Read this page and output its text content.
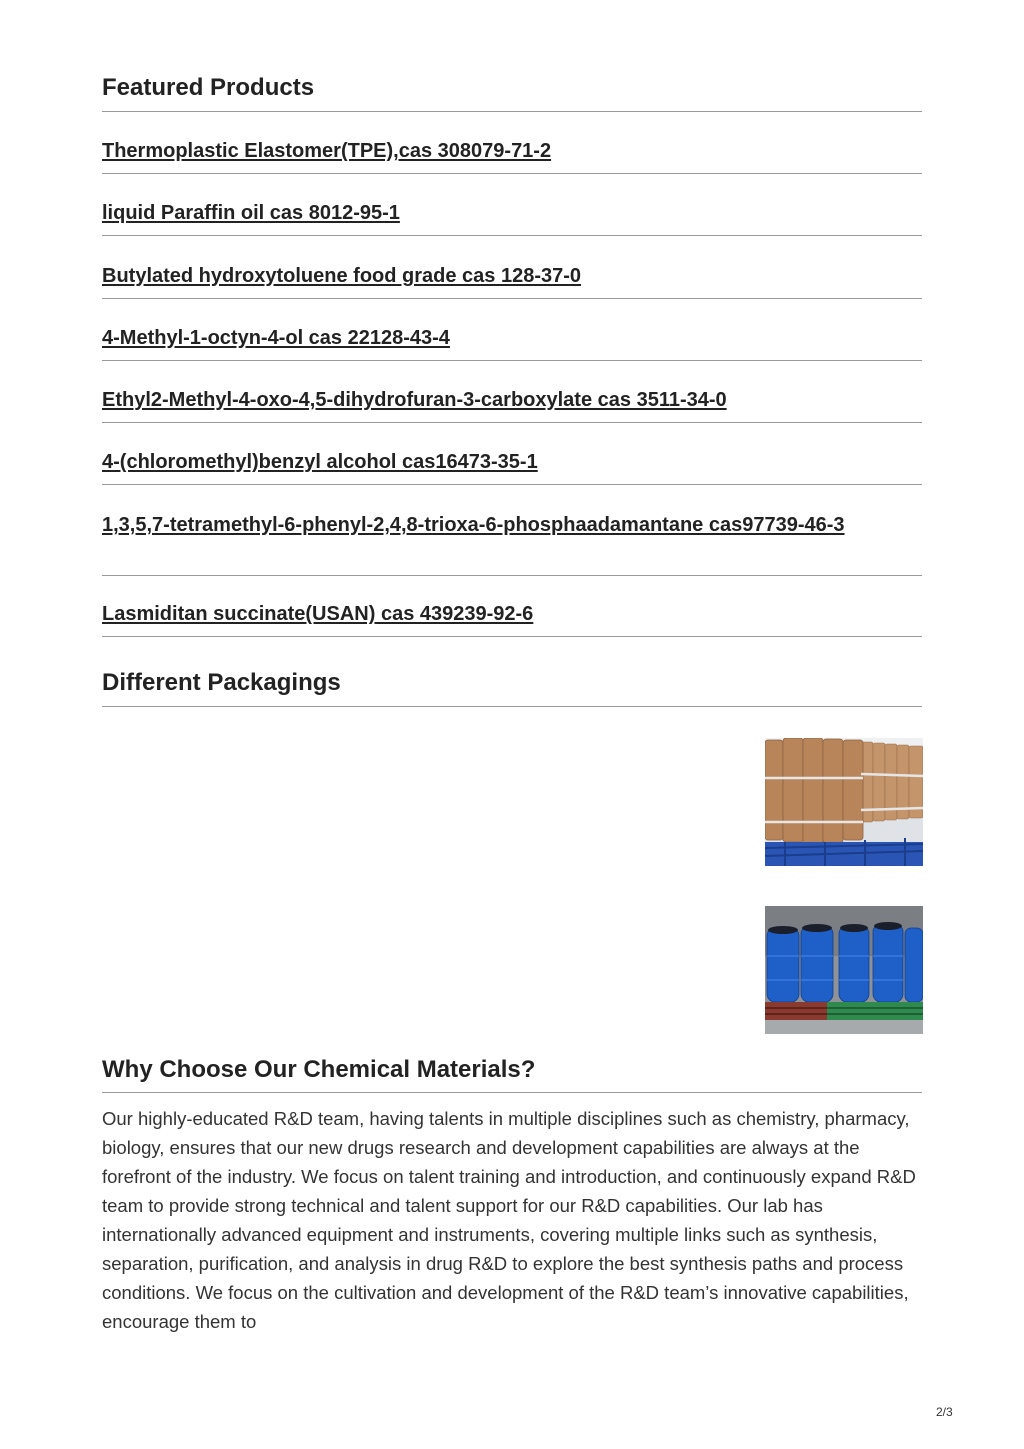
Featured Products
Thermoplastic Elastomer(TPE),cas 308079-71-2
liquid Paraffin oil cas 8012-95-1
Butylated hydroxytoluene food grade cas 128-37-0
4-Methyl-1-octyn-4-ol cas 22128-43-4
Ethyl2-Methyl-4-oxo-4,5-dihydrofuran-3-carboxylate cas 3511-34-0
4-(chloromethyl)benzyl alcohol cas16473-35-1
1,3,5,7-tetramethyl-6-phenyl-2,4,8-trioxa-6-phosphaadamantane cas97739-46-3
Lasmiditan succinate(USAN) cas 439239-92-6
Different Packagings
Why Choose Our Chemical Materials?

Our highly-educated R&D team, having talents in multiple disciplines such as chemistry, pharmacy, biology, ensures that our new drugs research and development capabilities are always at the forefront of the industry. We focus on talent training and introduction, and continuously expand R&D team to provide strong technical and talent support for our R&D capabilities. Our lab has internationally advanced equipment and instruments, covering multiple links such as synthesis, separation, purification, and analysis in drug R&D to explore the best synthesis paths and process conditions. We focus on the cultivation and development of the R&D team’s innovative capabilities, encourage them to

2/3
